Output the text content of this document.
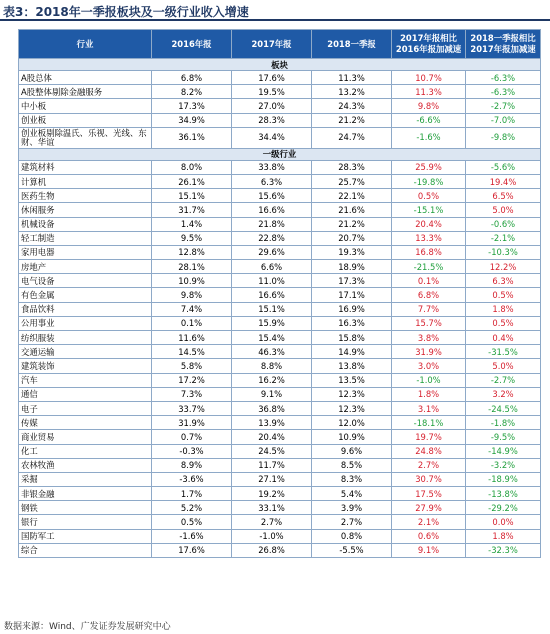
表3：2018年一季报板块及一级行业收入增速
行业	2016年报	2017年报	2018一季报	2017年报相比2016年报加减速	2018一季报相比2017年报加减速
板块					
A股总体	6.8%	17.6%	11.3%	10.7%	-6.3%
A股整体剔除金融服务	8.2%	19.5%	13.2%	11.3%	-6.3%
中小板	17.3%	27.0%	24.3%	9.8%	-2.7%
创业板	34.9%	28.3%	21.2%	-6.6%	-7.0%
创业板剔除温氏、乐视、光线、东财、华谊	36.1%	34.4%	24.7%	-1.6%	-9.8%
一级行业					
建筑材料	8.0%	33.8%	28.3%	25.9%	-5.6%
计算机	26.1%	6.3%	25.7%	-19.8%	19.4%
医药生物	15.1%	15.6%	22.1%	0.5%	6.5%
休闲服务	31.7%	16.6%	21.6%	-15.1%	5.0%
机械设备	1.4%	21.8%	21.2%	20.4%	-0.6%
轻工制造	9.5%	22.8%	20.7%	13.3%	-2.1%
家用电器	12.8%	29.6%	19.3%	16.8%	-10.3%
房地产	28.1%	6.6%	18.9%	-21.5%	12.2%
电气设备	10.9%	11.0%	17.3%	0.1%	6.3%
有色金属	9.8%	16.6%	17.1%	6.8%	0.5%
食品饮料	7.4%	15.1%	16.9%	7.7%	1.8%
公用事业	0.1%	15.9%	16.3%	15.7%	0.5%
纺织服装	11.6%	15.4%	15.8%	3.8%	0.4%
交通运输	14.5%	46.3%	14.9%	31.9%	-31.5%
建筑装饰	5.8%	8.8%	13.8%	3.0%	5.0%
汽车	17.2%	16.2%	13.5%	-1.0%	-2.7%
通信	7.3%	9.1%	12.3%	1.8%	3.2%
电子	33.7%	36.8%	12.3%	3.1%	-24.5%
传媒	31.9%	13.9%	12.0%	-18.1%	-1.8%
商业贸易	0.7%	20.4%	10.9%	19.7%	-9.5%
化工	-0.3%	24.5%	9.6%	24.8%	-14.9%
农林牧渔	8.9%	11.7%	8.5%	2.7%	-3.2%
采掘	-3.6%	27.1%	8.3%	30.7%	-18.9%
非银金融	1.7%	19.2%	5.4%	17.5%	-13.8%
钢铁	5.2%	33.1%	3.9%	27.9%	-29.2%
银行	0.5%	2.7%	2.7%	2.1%	0.0%
国防军工	-1.6%	-1.0%	0.8%	0.6%	1.8%
综合	17.6%	26.8%	-5.5%	9.1%	-32.3%
数据来源：Wind、广发证券发展研究中心
